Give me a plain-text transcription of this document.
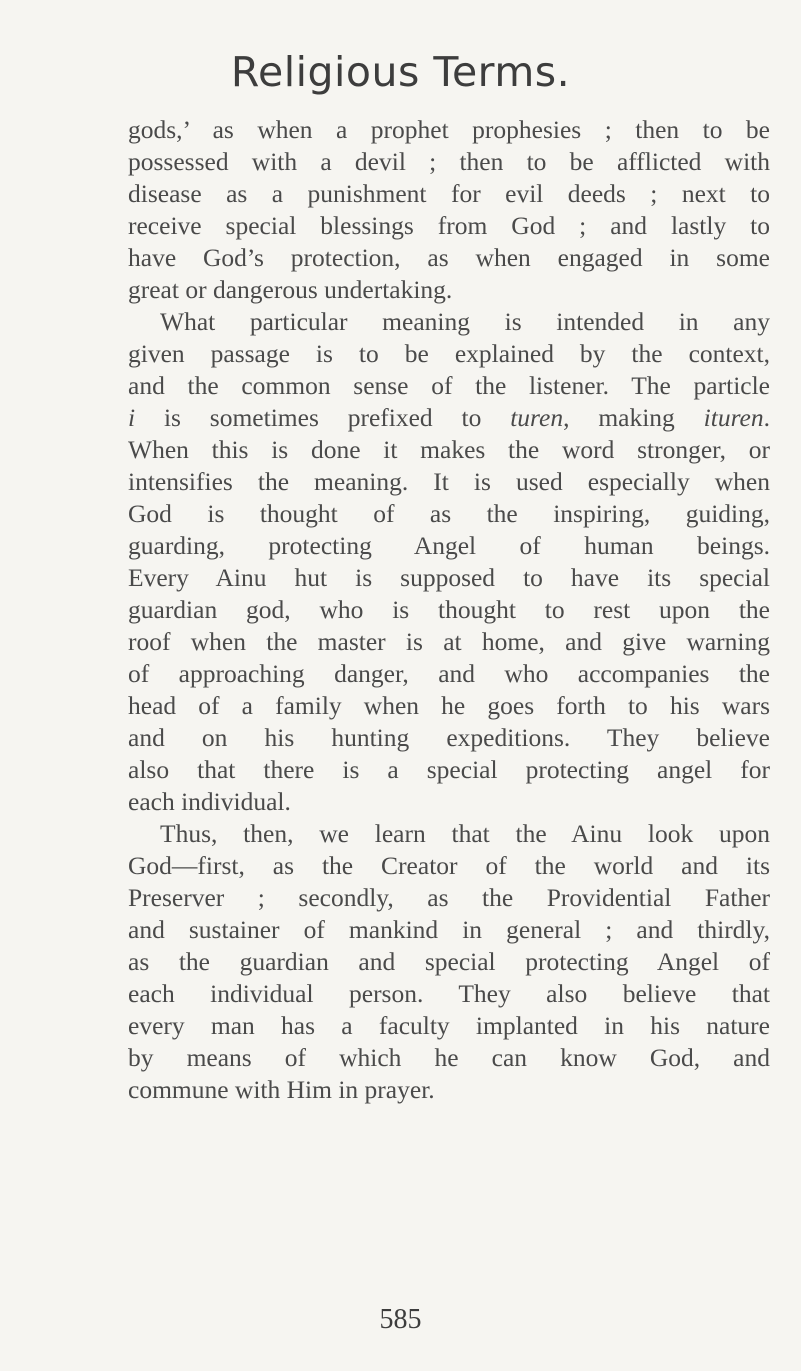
Religious Terms.
gods,’ as when a prophet prophesies ; then to be
possessed with a devil ; then to be afflicted with
disease as a punishment for evil deeds ; next to
receive special blessings from God ; and lastly to
have God’s protection, as when engaged in some
great or dangerous undertaking.
What particular meaning is intended in any
given passage is to be explained by the context,
and the common sense of the listener. The particle
i is sometimes prefixed to turen, making ituren.
When this is done it makes the word stronger, or
intensifies the meaning. It is used especially when
God is thought of as the inspiring, guiding,
guarding, protecting Angel of human beings.
Every Ainu hut is supposed to have its special
guardian god, who is thought to rest upon the
roof when the master is at home, and give warning
of approaching danger, and who accompanies the
head of a family when he goes forth to his wars
and on his hunting expeditions. They believe
also that there is a special protecting angel for
each individual.
Thus, then, we learn that the Ainu look upon
God—first, as the Creator of the world and its
Preserver ; secondly, as the Providential Father
and sustainer of mankind in general ; and thirdly,
as the guardian and special protecting Angel of
each individual person. They also believe that
every man has a faculty implanted in his nature
by means of which he can know God, and
commune with Him in prayer.
585
